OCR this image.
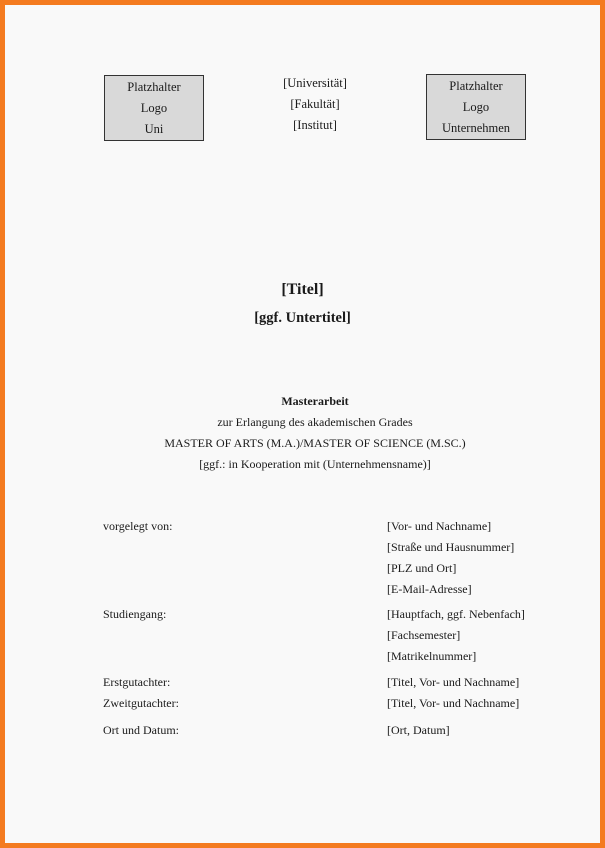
Platzhalter
Logo
Uni
[Universität]
[Fakultät]
[Institut]
Platzhalter
Logo
Unternehmen
[Titel]
[ggf. Untertitel]
Masterarbeit
zur Erlangung des akademischen Grades
MASTER OF ARTS (M.A.)/MASTER OF SCIENCE (M.SC.)
[ggf.: in Kooperation mit (Unternehmensname)]
vorgelegt von:	[Vor- und Nachname]
[Straße und Hausnummer]
[PLZ und Ort]
[E-Mail-Adresse]
Studiengang:	[Hauptfach, ggf. Nebenfach]
[Fachsemester]
[Matrikelnummer]
Erstgutachter:	[Titel, Vor- und Nachname]
Zweitgutachter:	[Titel, Vor- und Nachname]
Ort und Datum:	[Ort, Datum]
